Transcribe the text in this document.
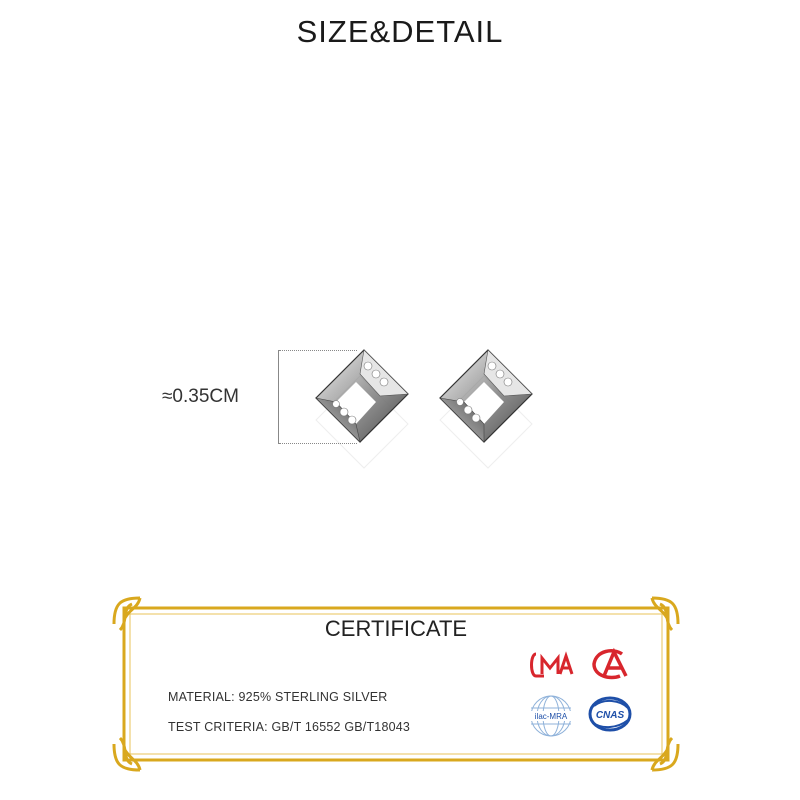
SIZE&DETAIL
≈0.35CM
CERTIFICATE
MATERIAL: 925% STERLING SILVER
TEST CRITERIA: GB/T 16552 GB/T18043
ilac-MRA	CNAS
